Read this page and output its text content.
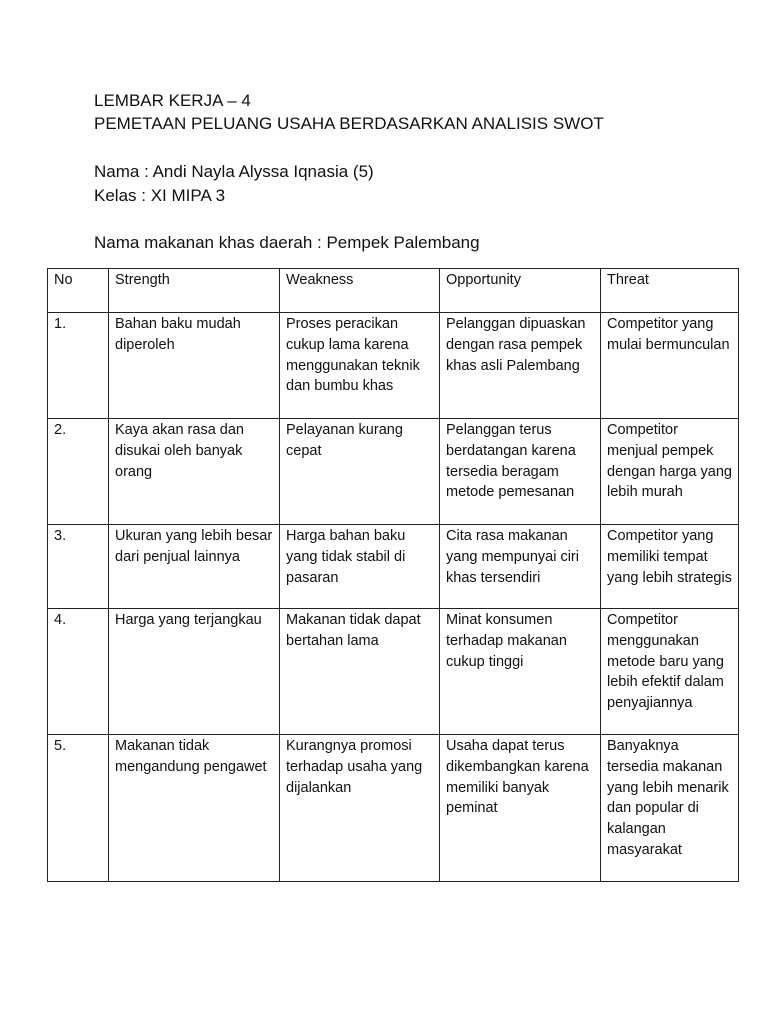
LEMBAR KERJA – 4
PEMETAAN PELUANG USAHA BERDASARKAN ANALISIS SWOT
Nama : Andi Nayla Alyssa Iqnasia (5)
Kelas : XI MIPA 3
Nama makanan khas daerah : Pempek Palembang
No	Strength	Weakness	Opportunity	Threat
1.	Bahan baku mudah diperoleh	Proses peracikan cukup lama karena menggunakan teknik dan bumbu khas	Pelanggan dipuaskan dengan rasa pempek khas asli Palembang	Competitor yang mulai bermunculan
2.	Kaya akan rasa dan disukai oleh banyak orang	Pelayanan kurang cepat	Pelanggan terus berdatangan karena tersedia beragam metode pemesanan	Competitor menjual pempek dengan harga yang lebih murah
3.	Ukuran yang lebih besar dari penjual lainnya	Harga bahan baku yang tidak stabil di pasaran	Cita rasa makanan yang mempunyai ciri khas tersendiri	Competitor yang memiliki tempat yang lebih strategis
4.	Harga yang terjangkau	Makanan tidak dapat bertahan lama	Minat konsumen terhadap makanan cukup tinggi	Competitor menggunakan metode baru yang lebih efektif dalam penyajiannya
5.	Makanan tidak mengandung pengawet	Kurangnya promosi terhadap usaha yang dijalankan	Usaha dapat terus dikembangkan karena memiliki banyak peminat	Banyaknya tersedia makanan yang lebih menarik dan popular di kalangan masyarakat
